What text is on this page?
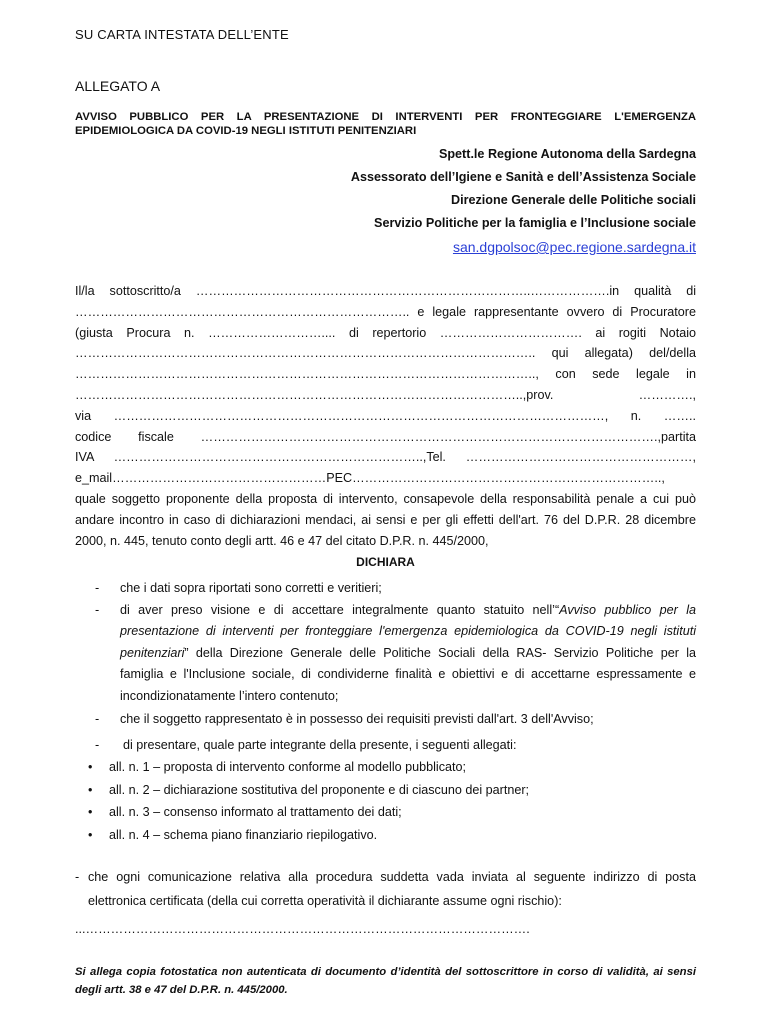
SU CARTA INTESTATA DELL’ENTE
ALLEGATO A
AVVISO PUBBLICO PER LA PRESENTAZIONE DI INTERVENTI PER FRONTEGGIARE L'EMERGENZA EPIDEMIOLOGICA DA COVID-19 NEGLI ISTITUTI PENITENZIARI
Spett.le Regione Autonoma della Sardegna
Assessorato dell’Igiene e Sanità e dell’Assistenza Sociale
Direzione Generale delle Politiche sociali
Servizio Politiche per la famiglia e l’Inclusione sociale
san.dgpolsoc@pec.regione.sardegna.it
Il/la sottoscritto/a ……………………………………………………………………..……………….in qualità di
…………………………………………………………………….. e legale rappresentante ovvero di Procuratore
(giusta Procura n. ……………………….... di repertorio ……………………………. ai rogiti Notaio
……………………………………………………………………………………………….. qui allegata) del/della
……………………………………………………………………………………………….., con sede legale in
……………………………………………………………………………………………..,prov. ………….,
via ………………………………………………………………………………………………………, n. ……..
codice fiscale ……………………………………………………………………………………………….,partita
IVA ………………………………………………………………..,Tel. ………………………………………………,
e_mail……………………………………………PEC………………………………………………………………..,
quale soggetto proponente della proposta di intervento, consapevole della responsabilità penale a cui può andare incontro in caso di dichiarazioni mendaci, ai sensi e per gli effetti dell'art. 76 del D.P.R. 28 dicembre 2000, n. 445, tenuto conto degli artt. 46 e 47 del citato D.P.R. n. 445/2000,
DICHIARA
- che i dati sopra riportati sono corretti e veritieri;
- di aver preso visione e di accettare integralmente quanto statuito nell’“Avviso pubblico per la presentazione di interventi per fronteggiare l'emergenza epidemiologica da COVID-19 negli istituti penitenziari” della Direzione Generale delle Politiche Sociali della RAS- Servizio Politiche per la famiglia e l'Inclusione sociale, di condividerne finalità e obiettivi e di accettarne espressamente e incondizionatamente l’intero contenuto;
- che il soggetto rappresentato è in possesso dei requisiti previsti dall'art. 3 dell'Avviso;
- di presentare, quale parte integrante della presente, i seguenti allegati:
• all. n. 1 – proposta di intervento conforme al modello pubblicato;
• all. n. 2 – dichiarazione sostitutiva del proponente e di ciascuno dei partner;
• all. n. 3 – consenso informato al trattamento dei dati;
• all. n. 4 – schema piano finanziario riepilogativo.
- che ogni comunicazione relativa alla procedura suddetta vada inviata al seguente indirizzo di posta elettronica certificata (della cui corretta operatività il dichiarante assume ogni rischio):
...…………………………………………………………………………………………….
Si allega copia fotostatica non autenticata di documento d’identità del sottoscrittore in corso di validità, ai sensi degli artt. 38 e 47 del D.P.R. n. 445/2000.
